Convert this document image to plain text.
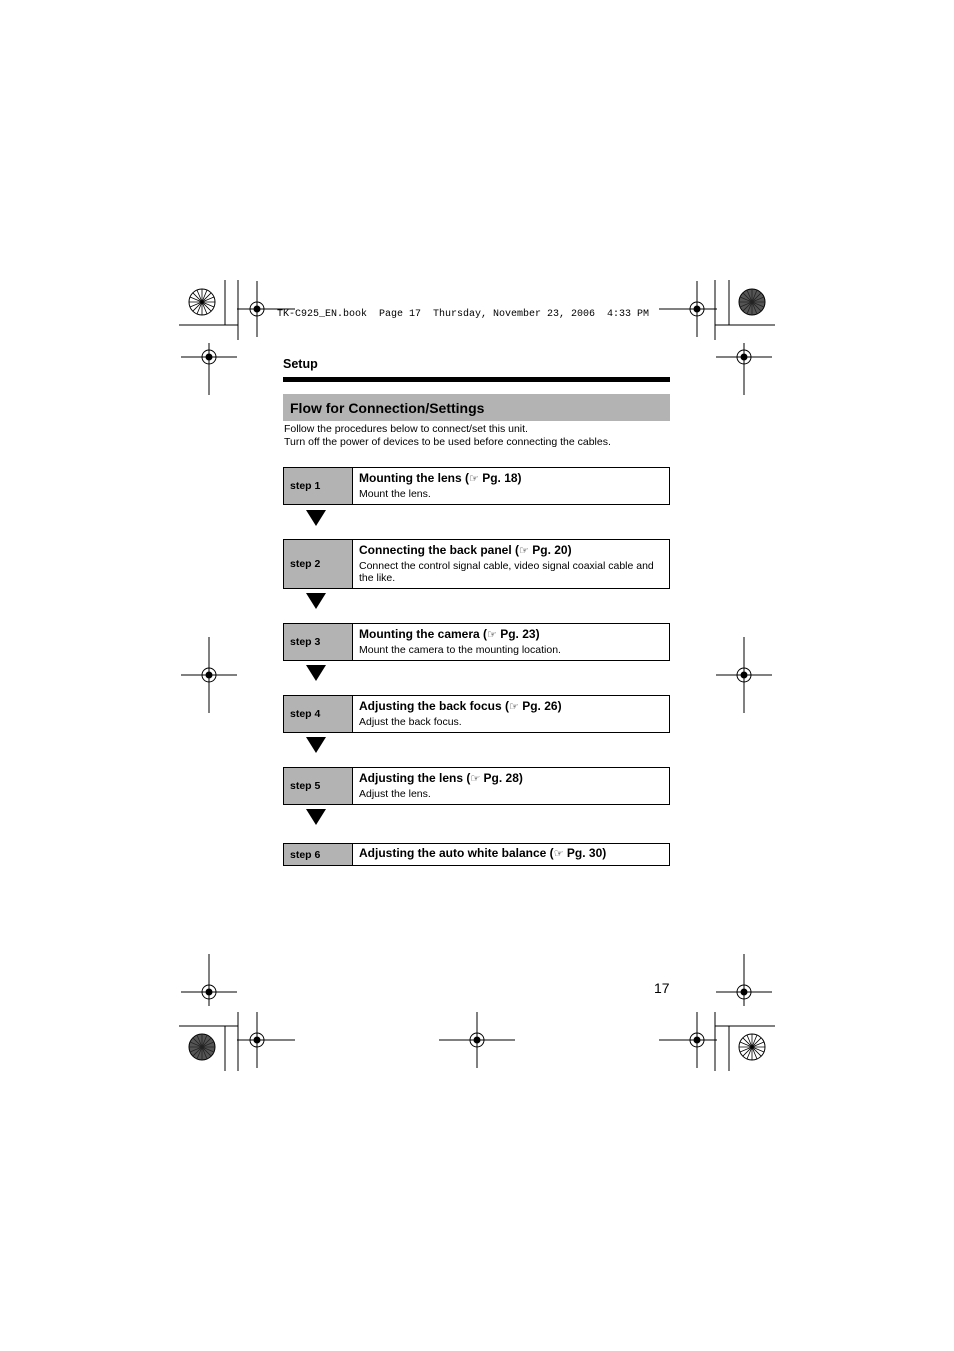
TK-C925_EN.book  Page 17  Thursday, November 23, 2006  4:33 PM
Setup
Flow for Connection/Settings
Follow the procedures below to connect/set this unit.
Turn off the power of devices to be used before connecting the cables.
step 1
Mounting the lens (☞ Pg. 18)
Mount the lens.
step 2
Connecting the back panel (☞ Pg. 20)
Connect the control signal cable, video signal coaxial cable and the like.
step 3
Mounting the camera (☞ Pg. 23)
Mount the camera to the mounting location.
step 4
Adjusting the back focus (☞ Pg. 26)
Adjust the back focus.
step 5
Adjusting the lens (☞ Pg. 28)
Adjust the lens.
step 6	Adjusting the auto white balance (☞ Pg. 30)
17
